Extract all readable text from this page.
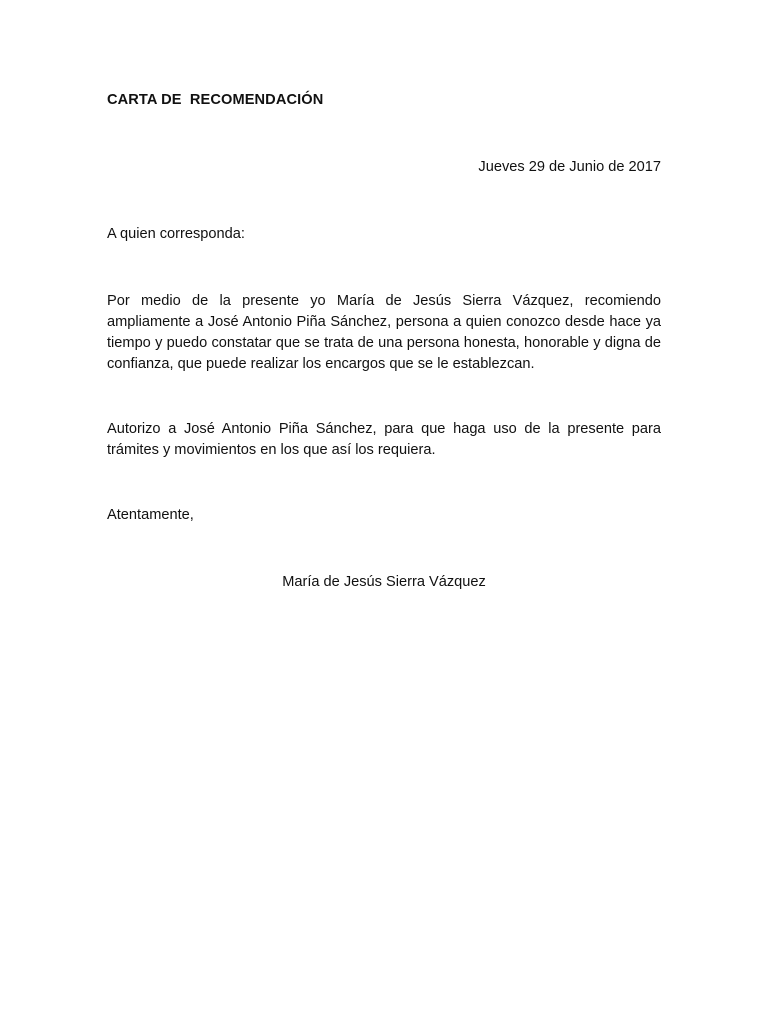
CARTA DE  RECOMENDACIÓN
Jueves 29 de Junio de 2017
A quien corresponda:

Por medio de la presente yo María de Jesús Sierra Vázquez, recomiendo ampliamente a José Antonio Piña Sánchez, persona a quien conozco desde hace ya tiempo y puedo constatar que se trata de una persona honesta, honorable y digna de confianza, que puede realizar los encargos que se le establezcan.

Autorizo a José Antonio Piña Sánchez, para que haga uso de la presente para trámites y movimientos en los que así los requiera.

Atentamente,
María de Jesús Sierra Vázquez
